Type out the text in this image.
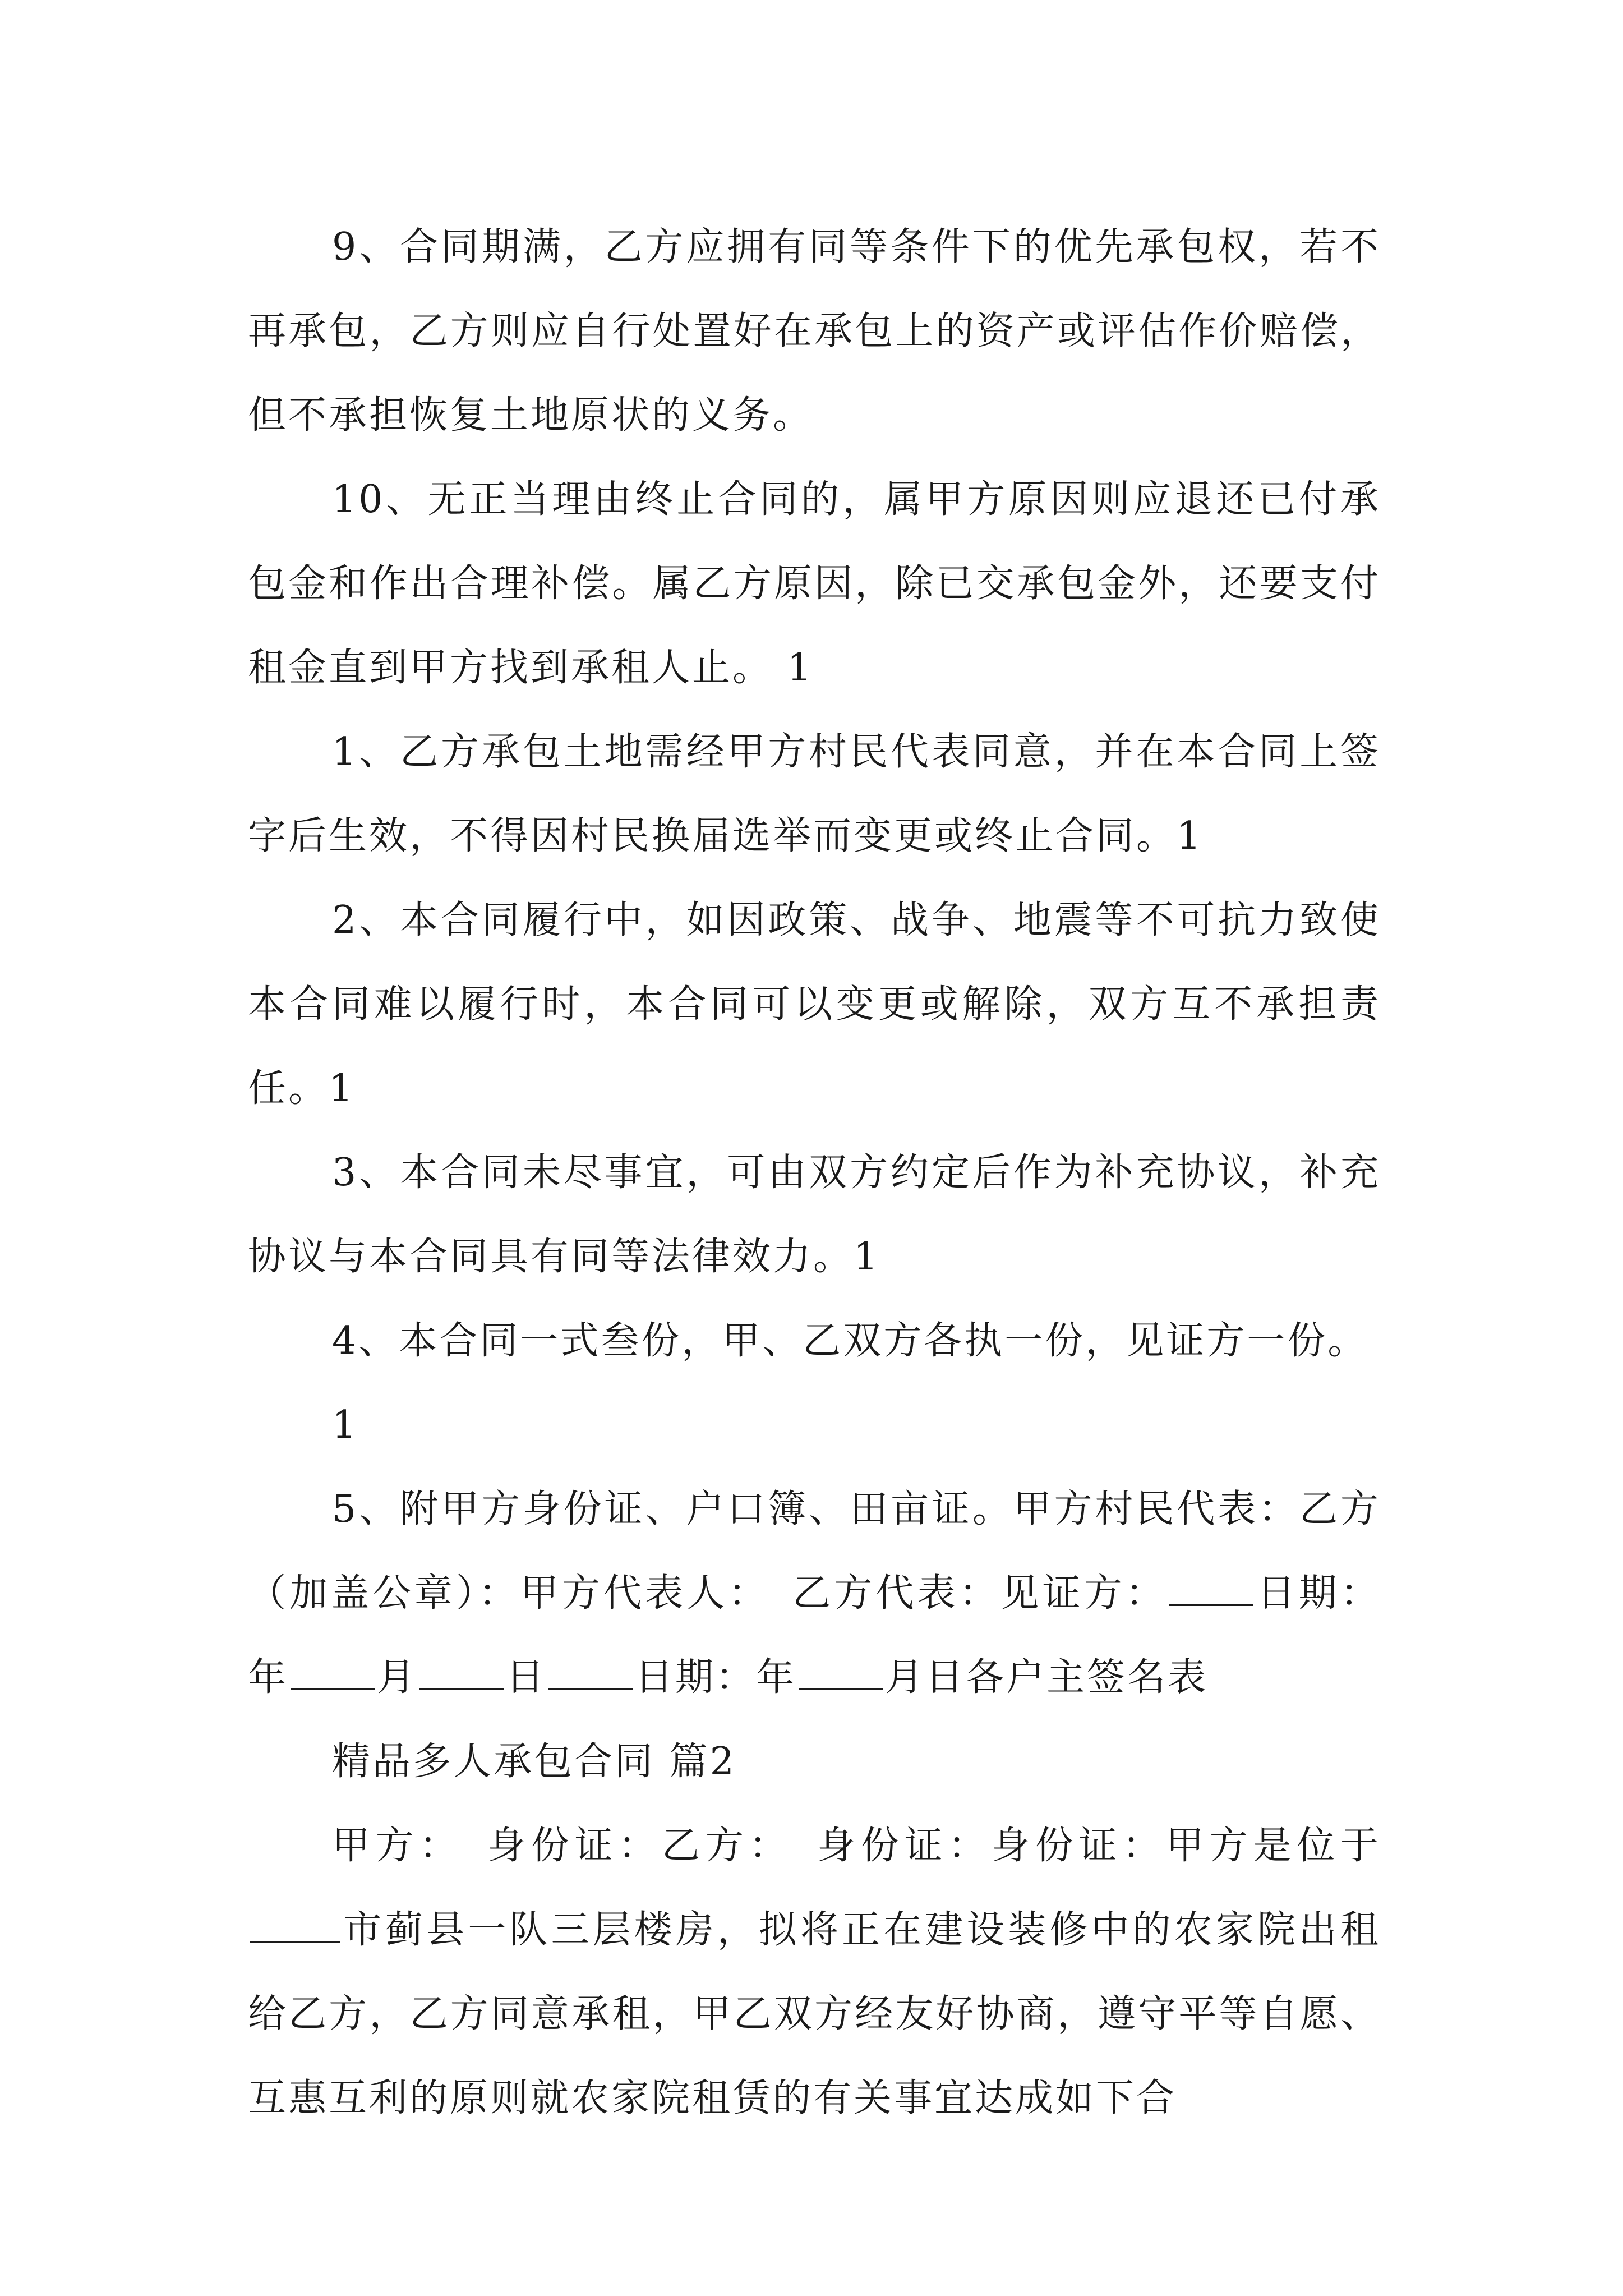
9、合同期满，乙方应拥有同等条件下的优先承包权，若不再承包，乙方则应自行处置好在承包上的资产或评估作价赔偿，但不承担恢复土地原状的义务。

10、无正当理由终止合同的，属甲方原因则应退还已付承包金和作出合理补偿。属乙方原因，除已交承包金外，还要支付租金直到甲方找到承租人止。 1

1、乙方承包土地需经甲方村民代表同意，并在本合同上签字后生效，不得因村民换届选举而变更或终止合同。1

2、本合同履行中，如因政策、战争、地震等不可抗力致使本合同难以履行时，本合同可以变更或解除，双方互不承担责任。1

3、本合同未尽事宜，可由双方约定后作为补充协议，补充协议与本合同具有同等法律效力。1

4、本合同一式叁份，甲、乙双方各执一份，见证方一份。

1

5、附甲方身份证、户口簿、田亩证。甲方村民代表：乙方（加盖公章）：甲方代表人：　乙方代表：见证方： 日期：年 月 日 日期：年 月日各户主签名表

精品多人承包合同 篇2

甲方：　身份证：乙方：　身份证：身份证：甲方是位于市蓟县一队三层楼房，拟将正在建设装修中的农家院出租给乙方，乙方同意承租，甲乙双方经友好协商，遵守平等自愿、互惠互利的原则就农家院租赁的有关事宜达成如下合
